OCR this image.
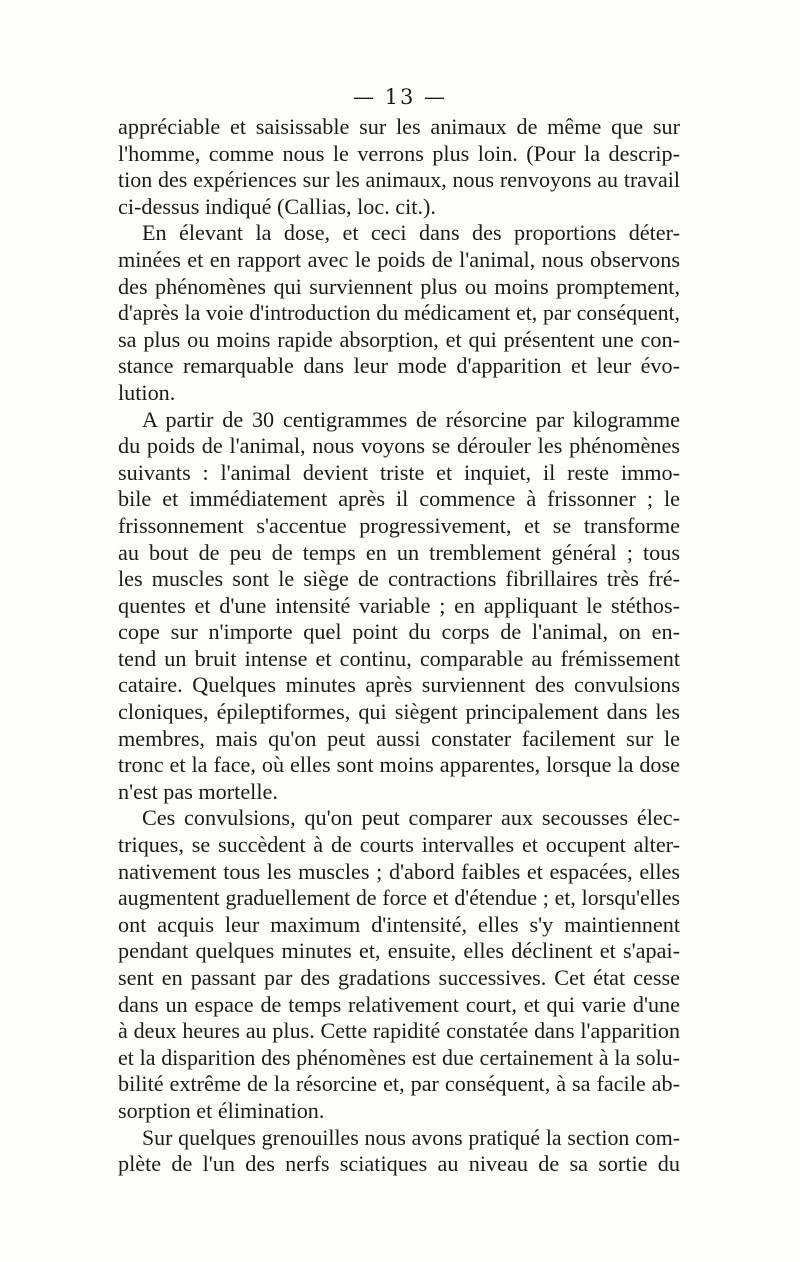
— 13 —

appréciable et saisissable sur les animaux de même que sur
l'homme, comme nous le verrons plus loin. (Pour la descrip-
tion des expériences sur les animaux, nous renvoyons au travail
ci-dessus indiqué (Callias, loc. cit.).

En élevant la dose, et ceci dans des proportions déter-
minées et en rapport avec le poids de l'animal, nous observons
des phénomènes qui surviennent plus ou moins promptement,
d'après la voie d'introduction du médicament et, par conséquent,
sa plus ou moins rapide absorption, et qui présentent une con-
stance remarquable dans leur mode d'apparition et leur évo-
lution.

A partir de 30 centigrammes de résorcine par kilogramme
du poids de l'animal, nous voyons se dérouler les phénomènes
suivants : l'animal devient triste et inquiet, il reste immo-
bile et immédiatement après il commence à frissonner ; le
frissonnement s'accentue progressivement, et se transforme
au bout de peu de temps en un tremblement général ; tous
les muscles sont le siège de contractions fibrillaires très fré-
quentes et d'une intensité variable ; en appliquant le stéthos-
cope sur n'importe quel point du corps de l'animal, on en-
tend un bruit intense et continu, comparable au frémissement
cataire. Quelques minutes après surviennent des convulsions
cloniques, épileptiformes, qui siègent principalement dans les
membres, mais qu'on peut aussi constater facilement sur le
tronc et la face, où elles sont moins apparentes, lorsque la dose
n'est pas mortelle.

Ces convulsions, qu'on peut comparer aux secousses élec-
triques, se succèdent à de courts intervalles et occupent alter-
nativement tous les muscles ; d'abord faibles et espacées, elles
augmentent graduellement de force et d'étendue ; et, lorsqu'elles
ont acquis leur maximum d'intensité, elles s'y maintiennent
pendant quelques minutes et, ensuite, elles déclinent et s'apai-
sent en passant par des gradations successives. Cet état cesse
dans un espace de temps relativement court, et qui varie d'une
à deux heures au plus. Cette rapidité constatée dans l'apparition
et la disparition des phénomènes est due certainement à la solu-
bilité extrême de la résorcine et, par conséquent, à sa facile ab-
sorption et élimination.

Sur quelques grenouilles nous avons pratiqué la section com-
plète de l'un des nerfs sciatiques au niveau de sa sortie du
